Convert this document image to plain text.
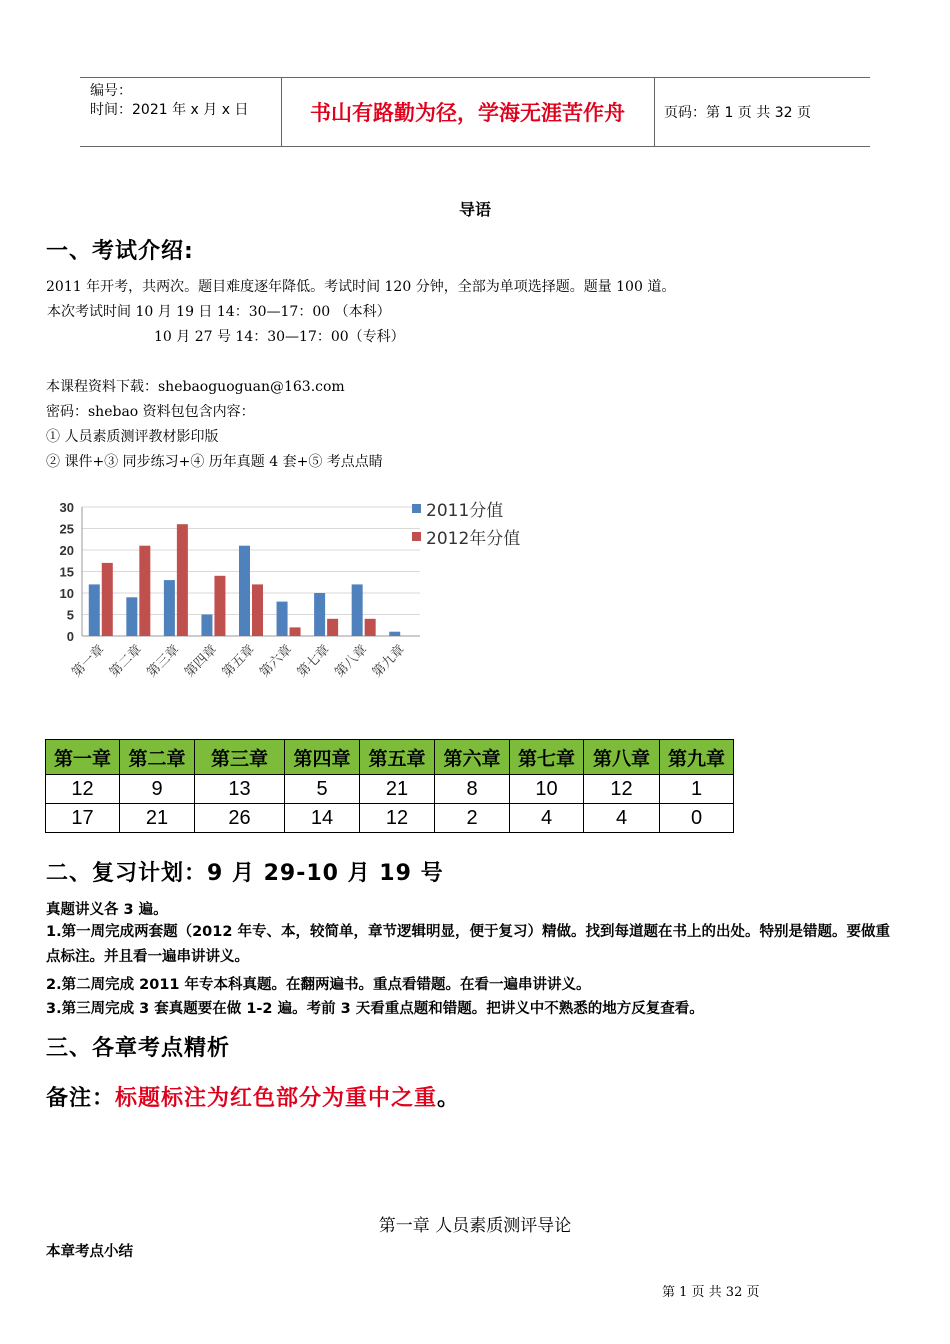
编号：
时间：2021 年 x 月 x 日	书山有路勤为径，学海无涯苦作舟	页码：第 1 页 共 32 页
导语
一、考试介绍:
2011 年开考，共两次。题目难度逐年降低。考试时间 120 分钟，全部为单项选择题。题量 100 道。
本次考试时间 10 月 19 日 14：30—17：00 （本科）
10 月 27 号 14：30—17：00（专科）
本课程资料下载：shebaoguoguan@163.com
密码：shebao 资料包包含内容：
① 人员素质测评教材影印版
② 课件+③ 同步练习+④ 历年真题 4 套+⑤ 考点点睛
30
25
20
15
10
5
0
第一章 第二章 第三章 第四章 第五章 第六章 第七章 第八章 第九章
2011分值
2012年分值
第一章	第二章	第三章	第四章	第五章	第六章	第七章	第八章	第九章
12	9	13	5	21	8	10	12	1
17	21	26	14	12	2	4	4	0
二、复习计划：9 月 29-10 月 19 号
真题讲义各 3 遍。
1.第一周完成两套题（2012 年专、本，较简单，章节逻辑明显，便于复习）精做。找到每道题在书上的出处。特别是错题。要做重点标注。并且看一遍串讲讲义。
2.第二周完成 2011 年专本科真题。在翻两遍书。重点看错题。在看一遍串讲讲义。
3.第三周完成 3 套真题要在做 1-2 遍。考前 3 天看重点题和错题。把讲义中不熟悉的地方反复查看。
三、各章考点精析
备注：标题标注为红色部分为重中之重。
第一章 人员素质测评导论
本章考点小结
第 1 页 共 32 页
